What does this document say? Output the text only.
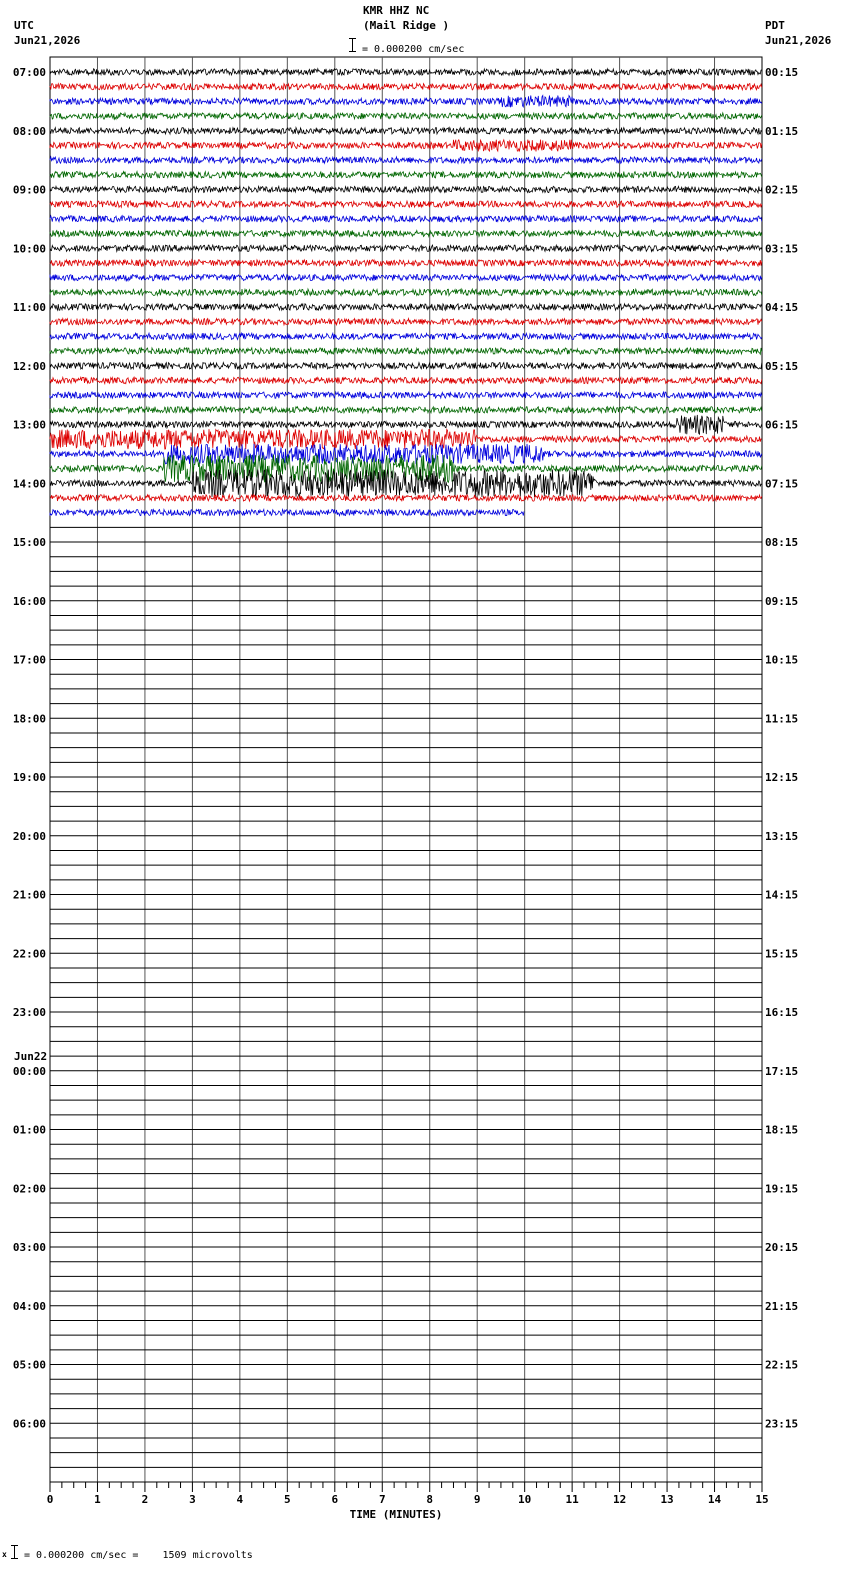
KMR HHZ NC
(Mail Ridge )
UTC
Jun21,2026
PDT
Jun21,2026
= 0.000200 cm/sec
07:00
08:00
09:00
10:00
11:00
12:00
13:00
14:00
15:00
16:00
17:00
18:00
19:00
20:00
21:00
22:00
23:00
00:00
01:00
02:00
03:00
04:00
05:00
06:00
00:15
01:15
02:15
03:15
04:15
05:15
06:15
07:15
08:15
09:15
10:15
11:15
12:15
13:15
14:15
15:15
16:15
17:15
18:15
19:15
20:15
21:15
22:15
23:15
Jun22
0	1	2	3	4	5	6	7	8	9	10	11	12	13	14	15
TIME (MINUTES)
x = 0.000200 cm/sec =    1509 microvolts
